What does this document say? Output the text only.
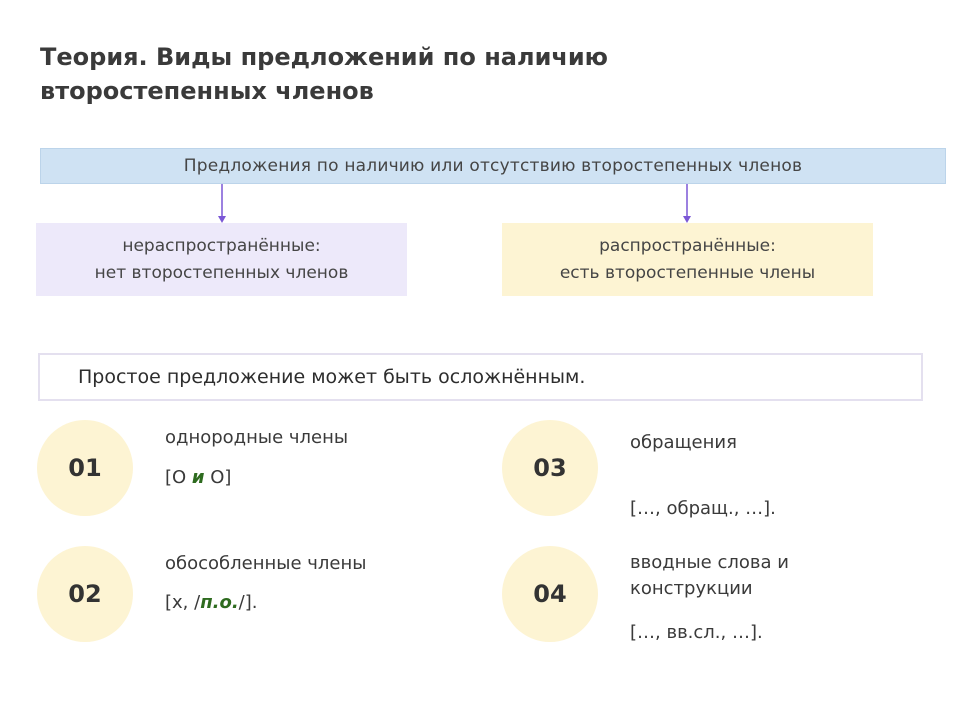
Теория. Виды предложений по наличию второстепенных членов
Предложения по наличию или отсутствию второстепенных членов
нераспространённые:
нет второстепенных членов
распространённые:
есть второстепенные члены
Простое предложение может быть осложнённым.
01
однородные члены
[O и O]
02
обособленные члены
[х, /п.о./].
03
обращения
[…, обращ., …].
04
вводные слова и
конструкции
[…, вв.сл., …].
